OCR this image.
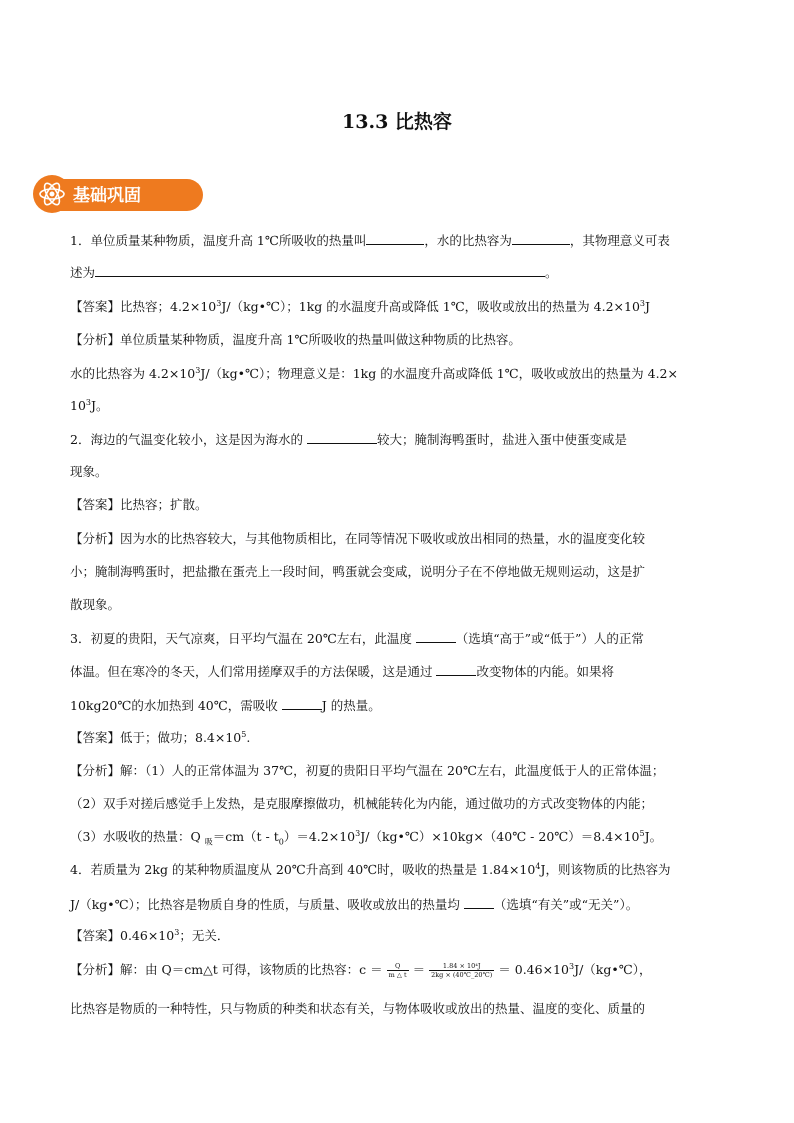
13.3 比热容
基础巩固
1．单位质量某种物质，温度升高 1℃所吸收的热量叫	，水的比热容为	，其物理意义可表
述为	。
【答案】比热容；$4.2\times 10^3J/(kg•℃)$；1kg 的水温度升高或降低 1℃，吸收或放出的热量为 $4.2\times 10^3J$
【分析】单位质量某种物质，温度升高 1℃所吸收的热量叫做这种物质的比热容。
水的比热容为 $4.2\times 10^3J/(kg•℃)$；物理意义是：1kg 的水温度升高或降低 1℃，吸收或放出的热量为 4.2×
$10^3J$。
2．海边的气温变化较小，这是因为海水的	较大；腌制海鸭蛋时，盐进入蛋中使蛋变咸是
现象。
【答案】比热容；扩散。
【分析】因为水的比热容较大，与其他物质相比，在同等情况下吸收或放出相同的热量，水的温度变化较
小；腌制海鸭蛋时，把盐撒在蛋壳上一段时间，鸭蛋就会变咸，说明分子在不停地做无规则运动，这是扩
散现象。
3．初夏的贵阳，天气凉爽，日平均气温在 20℃左右，此温度	（选填“高于”或“低于”）人的正常
体温。但在寒冷的冬天，人们常用搓摩双手的方法保暖，这是通过	改变物体的内能。如果将
10kg20℃的水加热到 40℃，需吸收	J 的热量。
【答案】低于；做功；$8.4\times 10^5$.
【分析】解：（1）人的正常体温为 37℃，初夏的贵阳日平均气温在 20℃左右，此温度低于人的正常体温；
（2）双手对搓后感觉手上发热，是克服摩擦做功，机械能转化为内能，通过做功的方式改变物体的内能；
（3）水吸收的热量：Q $_吸=cm(t - t_0)=4.2\times 10^3J/(kg•℃)\times 10kg\times(40℃$ - $20℃)=8.4\times 10^5J$。
4．若质量为 2kg 的某种物质温度从 20℃升高到 40℃时，吸收的热量是 $1.84\times 10^4J$，则该物质的比热容为
J/（kg•℃）；比热容是物质自身的性质，与质量、吸收或放出的热量均 （选填“有关”或“无关”）。
【答案】$0.46\times 10^3$；无关．
【分析】解：由 Q＝cm△t 可得，该物质的比热容：$c = \frac{Q}{m \triangle t} = \frac{\text{1.84 × 10⁴J}}{2kg \times (40℃\_20℃)}$ ＝ $0.46\times 10^3J/(kg•℃)$，
比热容是物质的一种特性，只与物质的种类和状态有关，与物体吸收或放出的热量、温度的变化、质量的
